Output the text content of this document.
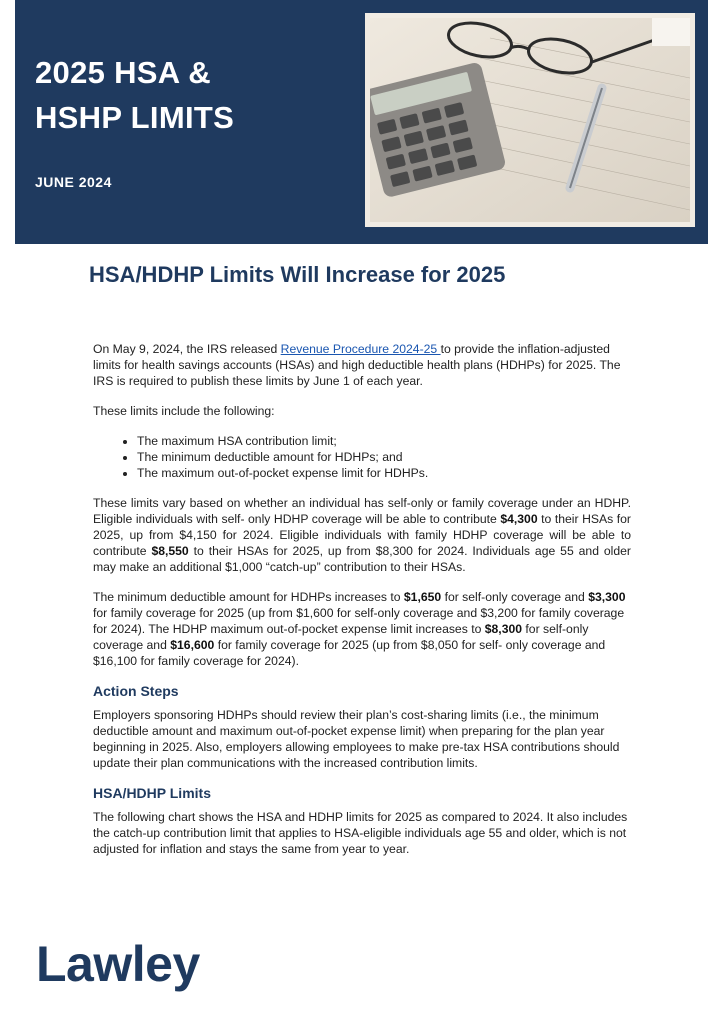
2025 HSA &
HSHP LIMITS
JUNE 2024
HSA/HDHP Limits Will Increase for 2025

On May 9, 2024, the IRS released Revenue Procedure 2024-25 to provide the inflation-adjusted limits for health savings accounts (HSAs) and high deductible health plans (HDHPs) for 2025. The IRS is required to publish these limits by June 1 of each year.

These limits include the following:

• The maximum HSA contribution limit;
• The minimum deductible amount for HDHPs; and
• The maximum out-of-pocket expense limit for HDHPs.

These limits vary based on whether an individual has self-only or family coverage under an HDHP. Eligible individuals with self- only HDHP coverage will be able to contribute $4,300 to their HSAs for 2025, up from $4,150 for 2024. Eligible individuals with family HDHP coverage will be able to contribute $8,550 to their HSAs for 2025, up from $8,300 for 2024. Individuals age 55 and older may make an additional $1,000 “catch-up” contribution to their HSAs.

The minimum deductible amount for HDHPs increases to $1,650 for self-only coverage and $3,300 for family coverage for 2025 (up from $1,600 for self-only coverage and $3,200 for family coverage for 2024). The HDHP maximum out-of-pocket expense limit increases to $8,300 for self-only coverage and $16,600 for family coverage for 2025 (up from $8,050 for self- only coverage and $16,100 for family coverage for 2024).

Action Steps

Employers sponsoring HDHPs should review their plan’s cost-sharing limits (i.e., the minimum deductible amount and maximum out-of-pocket expense limit) when preparing for the plan year beginning in 2025. Also, employers allowing employees to make pre-tax HSA contributions should update their plan communications with the increased contribution limits.

HSA/HDHP Limits

The following chart shows the HSA and HDHP limits for 2025 as compared to 2024. It also includes the catch-up contribution limit that applies to HSA-eligible individuals age 55 and older, which is not adjusted for inflation and stays the same from year to year.

Lawley
